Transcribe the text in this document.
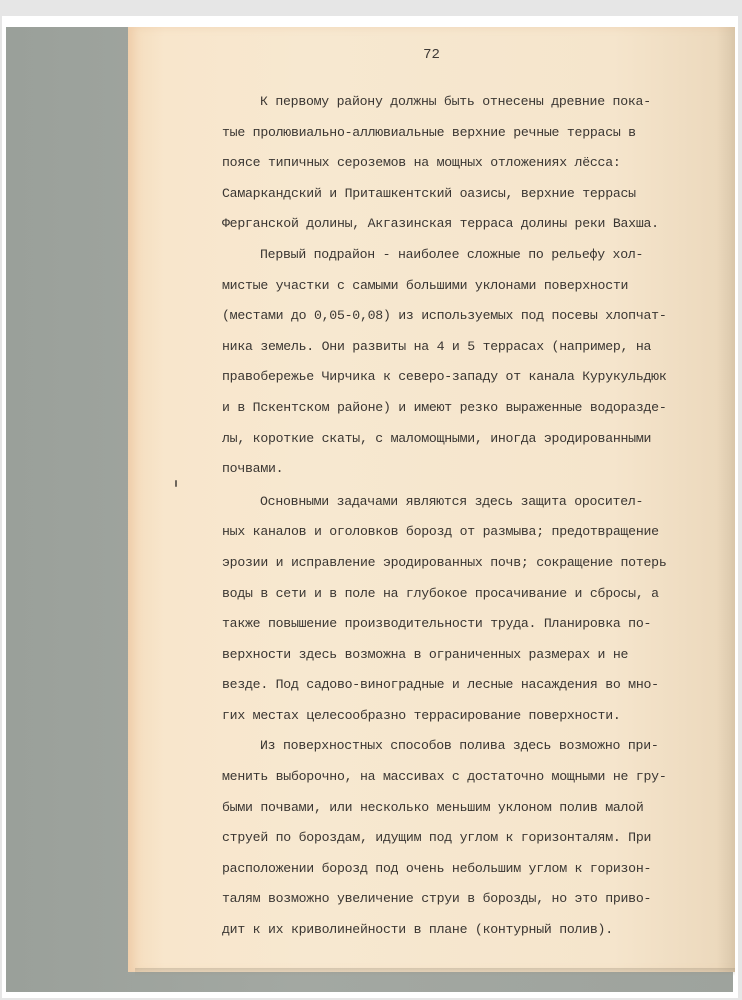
72
К первому району должны быть отнесены древние пока-
тые пролювиально-аллювиальные верхние речные террасы в
поясе типичных сероземов на мощных отложениях лёсса:
Самаркандский и Приташкентский оазисы, верхние террасы
Ферганской долины, Акгазинская терраса долины реки Вахша.
Первый подрайон - наиболее сложные по рельефу хол-
мистые участки с самыми большими уклонами поверхности
(местами до 0,05-0,08) из используемых под посевы хлопчат-
ника земель. Они развиты на 4 и 5 террасах (например, на
правобережье Чирчика к северо-западу от канала Курукульдюк
и в Пскентском районе) и имеют резко выраженные водоразде-
лы, короткие скаты, с маломощными, иногда эродированными
почвами.
Основными задачами являются здесь защита оросител-
ных каналов и оголовков борозд от размыва; предотвращение
эрозии и исправление эродированных почв; сокращение потерь
воды в сети и в поле на глубокое просачивание и сбросы, а
также повышение производительности труда. Планировка по-
верхности здесь возможна в ограниченных размерах и не
везде. Под садово-виноградные и лесные насаждения во мно-
гих местах целесообразно террасирование поверхности.
Из поверхностных способов полива здесь возможно при-
менить выборочно, на массивах с достаточно мощными не гру-
быми почвами, или несколько меньшим уклоном полив малой
струей по бороздам, идущим под углом к горизонталям. При
расположении борозд под очень небольшим углом к горизон-
талям возможно увеличение струи в борозды, но это приво-
дит к их криволинейности в плане (контурный полив).
